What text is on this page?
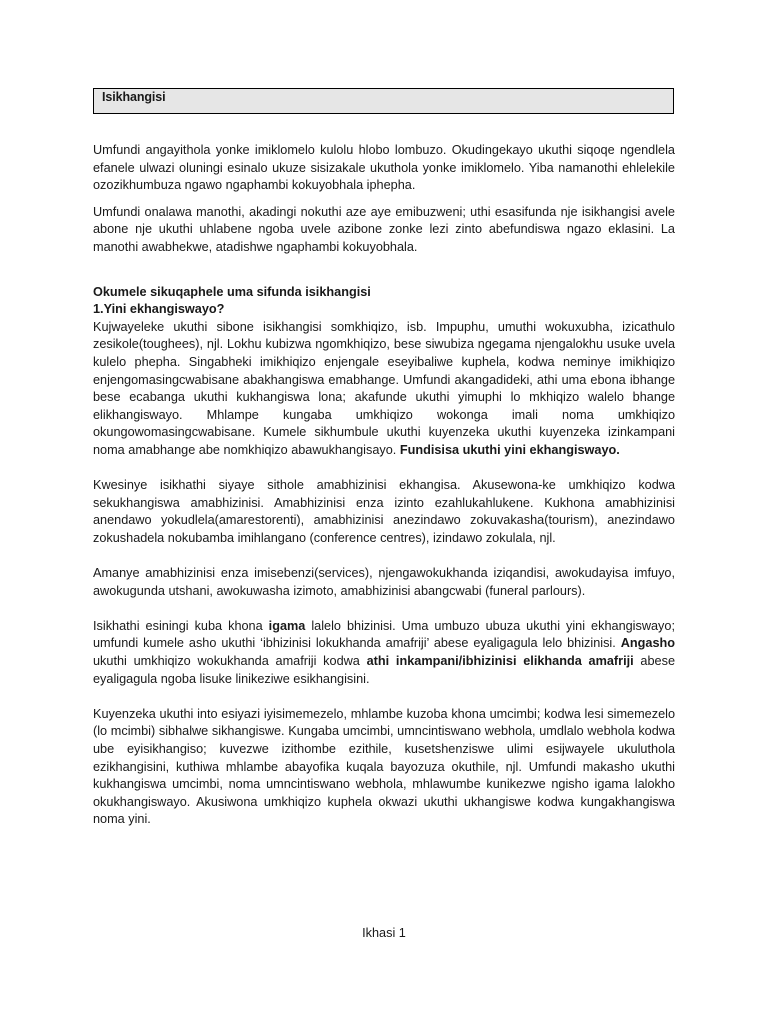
Isikhangisi

Umfundi angayithola yonke imiklomelo kulolu hlobo lombuzo. Okudingekayo ukuthi siqoqe ngendlela efanele ulwazi oluningi esinalo ukuze sisizakale ukuthola yonke imiklomelo. Yiba namanothi ehlelekile ozozikhumbuza ngawo ngaphambi kokuyobhala iphepha.

Umfundi onalawa manothi, akadingi nokuthi aze aye emibuzweni; uthi esasifunda nje isikhangisi avele abone nje ukuthi uhlabene ngoba uvele azibone zonke lezi zinto abefundiswa ngazo eklasini. La manothi awabhekwe, atadishwe ngaphambi kokuyobhala.

Okumele sikuqaphele uma sifunda isikhangisi

1.Yini ekhangiswayo?

Kujwayeleke ukuthi sibone isikhangisi somkhiqizo, isb. Impuphu, umuthi wokuxubha, izicathulo zesikole(toughees), njl. Lokhu kubizwa ngomkhiqizo, bese siwubiza ngegama njengalokhu usuke uvela kulelo phepha. Singabheki imikhiqizo enjengale eseyibaliwe kuphela, kodwa neminye imikhiqizo enjengomasingcwabisane abakhangiswa emabhange. Umfundi akangadideki, athi uma ebona ibhange bese ecabanga ukuthi kukhangiswa lona; akafunde ukuthi yimuphi lo mkhiqizo walelo bhange elikhangiswayo. Mhlampe kungaba umkhiqizo wokonga imali noma umkhiqizo okungowomasingcwabisane. Kumele sikhumbule ukuthi kuyenzeka ukuthi kuyenzeka izinkampani noma amabhange abe nomkhiqizo abawukhangisayo. Fundisisa ukuthi yini ekhangiswayo.

Kwesinye isikhathi siyaye sithole amabhizinisi ekhangisa. Akusewona-ke umkhiqizo kodwa sekukhangiswa amabhizinisi. Amabhizinisi enza izinto ezahlukahlukene. Kukhona amabhizinisi anendawo yokudlela(amarestorenti), amabhizinisi anezindawo zokuvakasha(tourism), anezindawo zokushadela nokubamba imihlangano (conference centres), izindawo zokulala, njl.

Amanye amabhizinisi enza imisebenzi(services), njengawokukhanda iziqandisi, awokudayisa imfuyo, awokugunda utshani, awokuwasha izimoto, amabhizinisi abangcwabi (funeral parlours).

Isikhathi esiningi kuba khona igama lalelo bhizinisi. Uma umbuzo ubuza ukuthi yini ekhangiswayo; umfundi kumele asho ukuthi ‘ibhizinisi lokukhanda amafriji’ abese eyaligagula lelo bhizinisi. Angasho ukuthi umkhiqizo wokukhanda amafriji kodwa athi inkampani/ibhizinisi elikhanda amafriji abese eyaligagula ngoba lisuke linikeziwe esikhangisini.

Kuyenzeka ukuthi into esiyazi iyisimemezelo, mhlambe kuzoba khona umcimbi; kodwa lesi simemezelo (lo mcimbi) sibhalwe sikhangiswe. Kungaba umcimbi, umncintiswano webhola, umdlalo webhola kodwa ube eyisikhangiso; kuvezwe izithombe ezithile, kusetshenziswe ulimi esijwayele ukuluthola ezikhangisini, kuthiwa mhlambe abayofika kuqala bayozuza okuthile, njl. Umfundi makasho ukuthi kukhangiswa umcimbi, noma umncintiswano webhola, mhlawumbe kunikezwe ngisho igama lalokho okukhangiswayo. Akusiwona umkhiqizo kuphela okwazi ukuthi ukhangiswe kodwa kungakhangiswa noma yini.

Ikhasi 1
